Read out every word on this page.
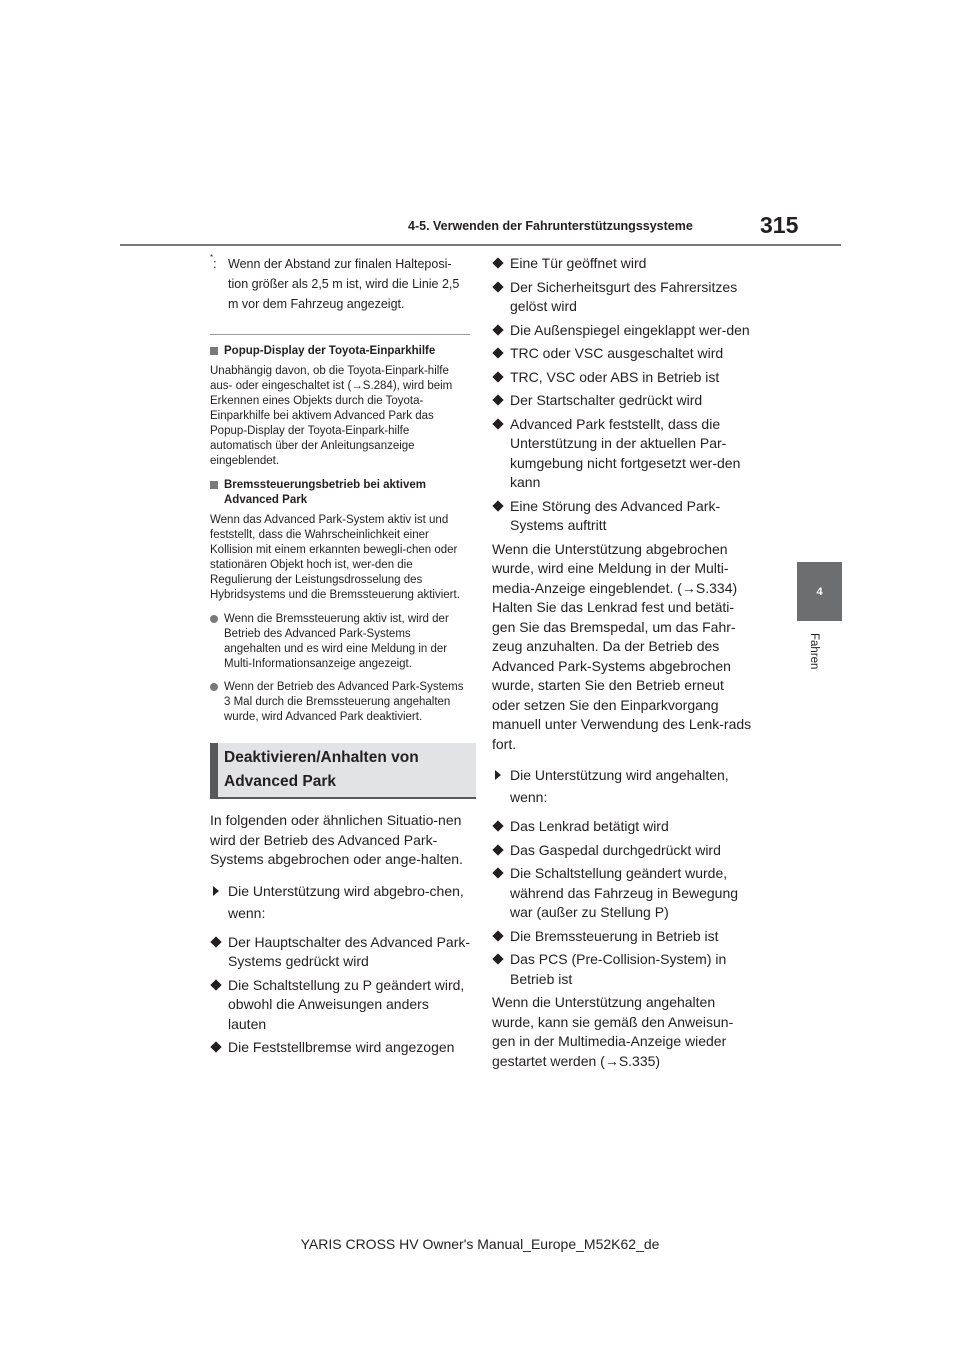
4-5. Verwenden der Fahrunterstützungssysteme	315
4
Fahren
*: Wenn der Abstand zur finalen Halteposi-
tion größer als 2,5 m ist, wird die Linie 2,5
m vor dem Fahrzeug angezeigt.
Popup-Display der Toyota-Einparkhilfe
Unabhängig davon, ob die Toyota-Einpark-hilfe aus- oder eingeschaltet ist (→S.284), wird beim Erkennen eines Objekts durch die Toyota-Einparkhilfe bei aktivem Advanced Park das Popup-Display der Toyota-Einpark-hilfe automatisch über der Anleitungsanzeige eingeblendet.
Bremssteuerungsbetrieb bei aktivem Advanced Park
Wenn das Advanced Park-System aktiv ist und feststellt, dass die Wahrscheinlichkeit einer Kollision mit einem erkannten bewegli-chen oder stationären Objekt hoch ist, wer-den die Regulierung der Leistungsdrosselung des Hybridsystems und die Bremssteuerung aktiviert.
Wenn die Bremssteuerung aktiv ist, wird der Betrieb des Advanced Park-Systems angehalten und es wird eine Meldung in der Multi-Informationsanzeige angezeigt.
Wenn der Betrieb des Advanced Park-Systems 3 Mal durch die Bremssteuerung angehalten wurde, wird Advanced Park deaktiviert.
Deaktivieren/Anhalten von
Advanced Park
In folgenden oder ähnlichen Situatio-nen wird der Betrieb des Advanced Park-Systems abgebrochen oder ange-halten.
Die Unterstützung wird abgebro-chen, wenn:
Der Hauptschalter des Advanced Park-Systems gedrückt wird
Die Schaltstellung zu P geändert wird, obwohl die Anweisungen anders lauten
Die Feststellbremse wird angezogen
Eine Tür geöffnet wird
Der Sicherheitsgurt des Fahrersitzes gelöst wird
Die Außenspiegel eingeklappt wer-den
TRC oder VSC ausgeschaltet wird
TRC, VSC oder ABS in Betrieb ist
Der Startschalter gedrückt wird
Advanced Park feststellt, dass die Unterstützung in der aktuellen Par-kumgebung nicht fortgesetzt wer-den kann
Eine Störung des Advanced Park-Systems auftritt
Wenn die Unterstützung abgebrochen wurde, wird eine Meldung in der Multi-media-Anzeige eingeblendet. (→S.334) Halten Sie das Lenkrad fest und betäti-gen Sie das Bremspedal, um das Fahr-zeug anzuhalten. Da der Betrieb des Advanced Park-Systems abgebrochen wurde, starten Sie den Betrieb erneut oder setzen Sie den Einparkvorgang manuell unter Verwendung des Lenk-rads fort.
Die Unterstützung wird angehalten, wenn:
Das Lenkrad betätigt wird
Das Gaspedal durchgedrückt wird
Die Schaltstellung geändert wurde, während das Fahrzeug in Bewegung war (außer zu Stellung P)
Die Bremssteuerung in Betrieb ist
Das PCS (Pre-Collision-System) in Betrieb ist
Wenn die Unterstützung angehalten wurde, kann sie gemäß den Anweisun-gen in der Multimedia-Anzeige wieder gestartet werden (→S.335)
YARIS CROSS HV Owner's Manual_Europe_M52K62_de
